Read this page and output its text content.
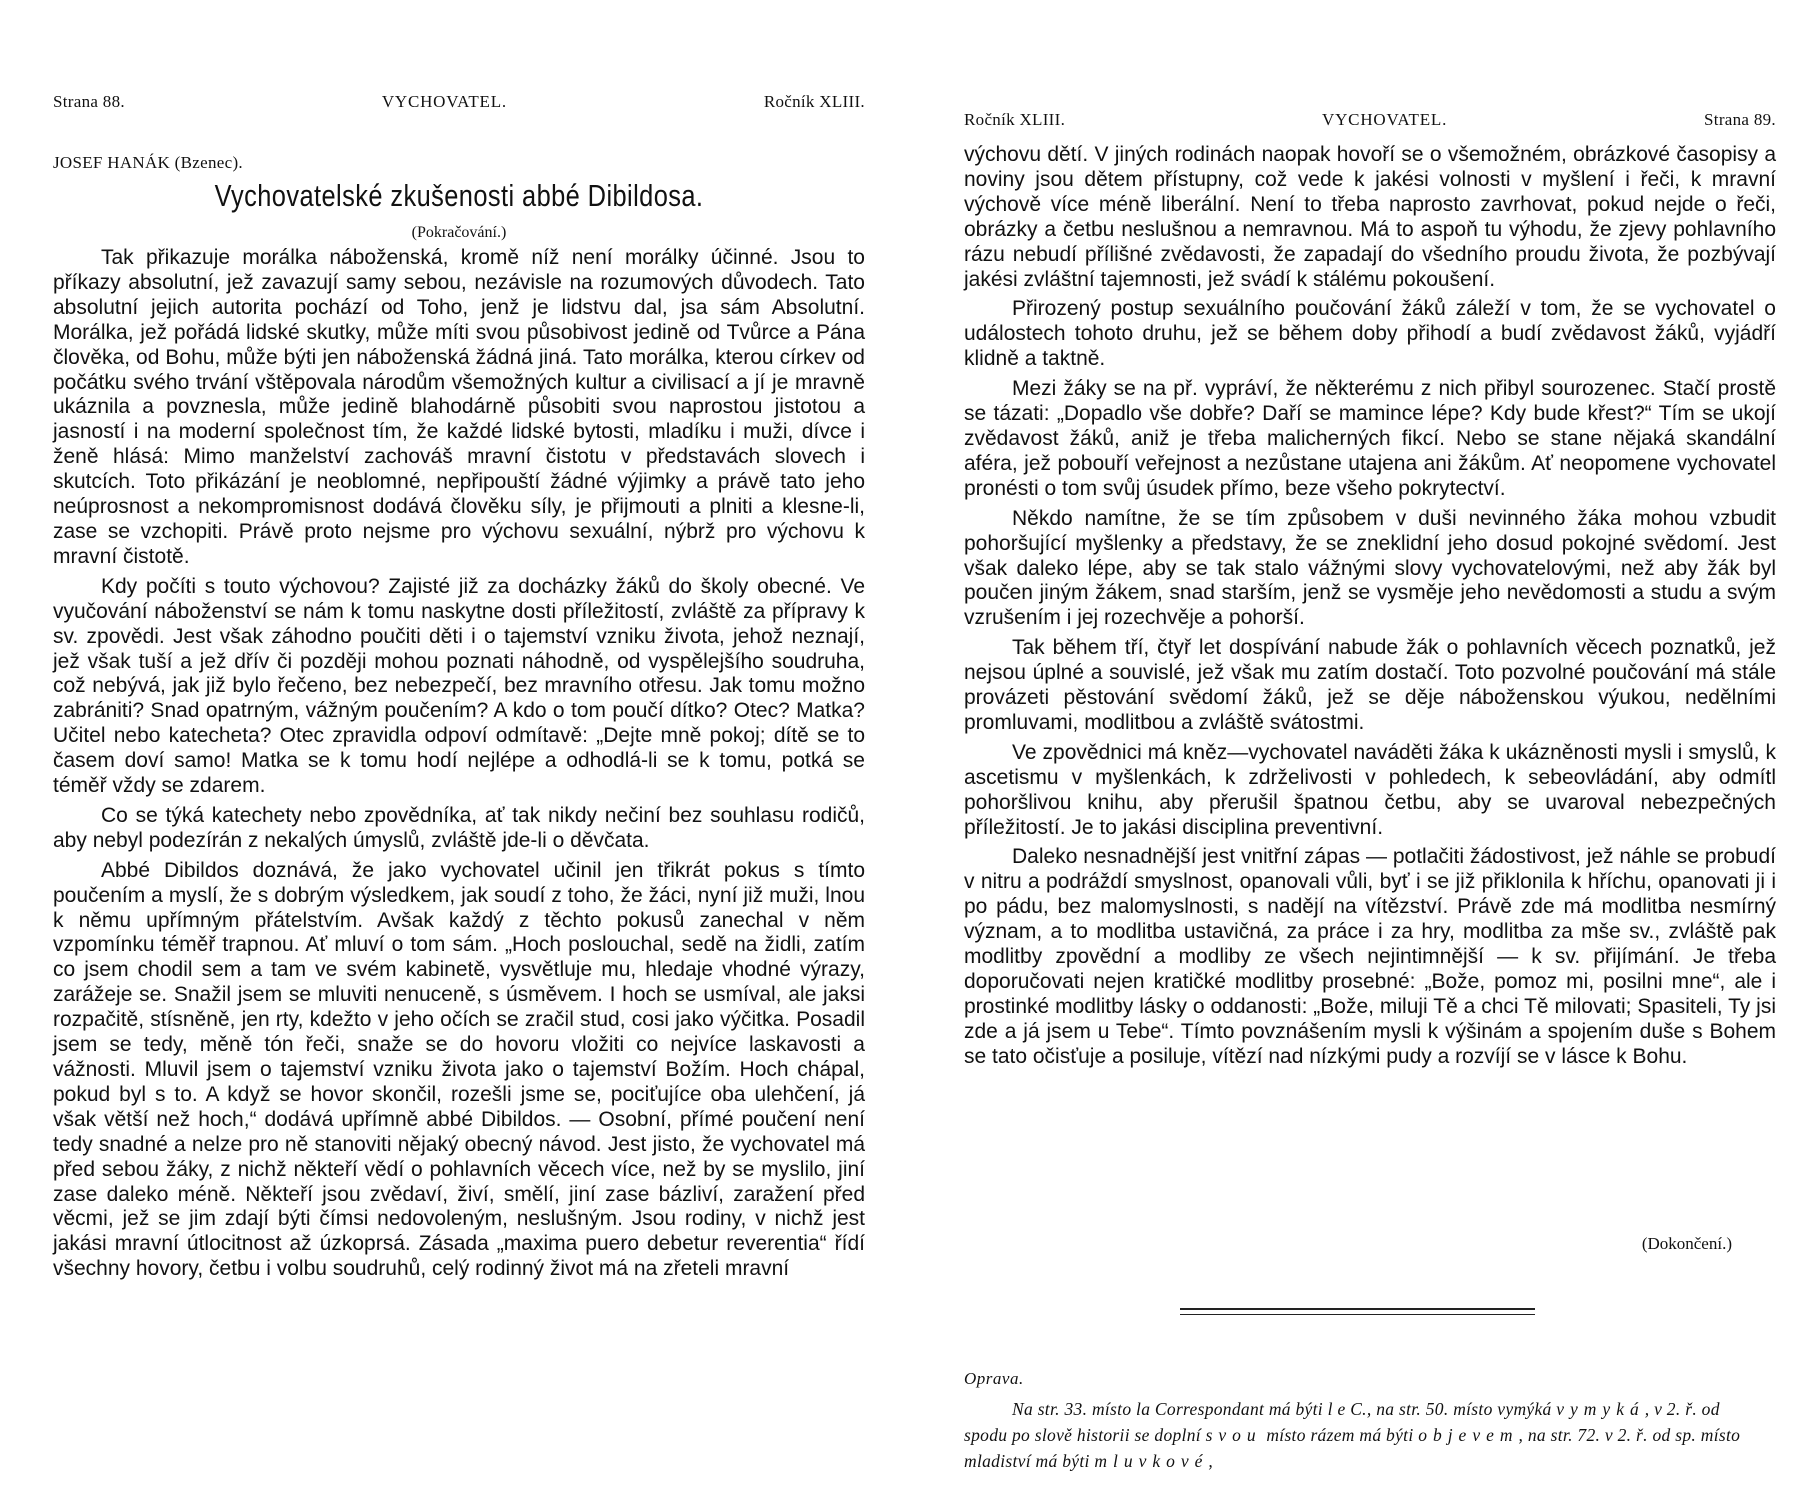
Strana 88.	VYCHOVATEL.	Ročník XLIII.
JOSEF HANÁK (Bzenec).
Vychovatelské zkušenosti abbé Dibildosa.
(Pokračování.)

Tak přikazuje morálka náboženská, kromě níž není morálky účinné. Jsou to příkazy absolutní, jež zavazují samy sebou, nezávisle na rozumových důvodech. Tato absolutní jejich autorita pochází od Toho, jenž je lidstvu dal, jsa sám Absolutní. Morálka, jež pořádá lidské skutky, může míti svou působivost jedině od Tvůrce a Pána člověka, od Bohu, může býti jen náboženská žádná jiná. Tato morálka, kterou církev od počátku svého trvání vštěpovala národům všemožných kultur a civilisací a jí je mravně ukáznila a povznesla, může jedině blahodárně působiti svou naprostou jistotou a jasností i na moderní společnost tím, že každé lidské bytosti, mladíku i muži, dívce i ženě hlásá: Mimo manželství zachováš mravní čistotu v představách slovech i skutcích. Toto přikázání je neoblomné, nepřipouští žádné výjimky a právě tato jeho neúprosnost a nekompromisnost dodává člověku síly, je přijmouti a plniti a klesne-li, zase se vzchopiti. Právě proto nejsme pro výchovu sexuální, nýbrž pro výchovu k mravní čistotě.

Kdy počíti s touto výchovou? Zajisté již za docházky žáků do školy obecné. Ve vyučování náboženství se nám k tomu naskytne dosti příležitostí, zvláště za přípravy k sv. zpovědi. Jest však záhodno poučiti děti i o tajemství vzniku života, jehož neznají, jež však tuší a jež dřív či později mohou poznati náhodně, od vyspělejšího soudruha, což nebývá, jak již bylo řečeno, bez nebezpečí, bez mravního otřesu. Jak tomu možno zabrániti? Snad opatrným, vážným poučením? A kdo o tom poučí dítko? Otec? Matka? Učitel nebo katecheta? Otec zpravidla odpoví odmítavě: „Dejte mně pokoj; dítě se to časem doví samo! Matka se k tomu hodí nejlépe a odhodlá-li se k tomu, potká se téměř vždy se zdarem.

Co se týká katechety nebo zpovědníka, ať tak nikdy nečiní bez souhlasu rodičů, aby nebyl podezírán z nekalých úmyslů, zvláště jde-li o děvčata.

Abbé Dibildos doznává, že jako vychovatel učinil jen třikrát pokus s tímto poučením a myslí, že s dobrým výsledkem, jak soudí z toho, že žáci, nyní již muži, lnou k němu upřímným přátelstvím. Avšak každý z těchto pokusů zanechal v něm vzpomínku téměř trapnou. Ať mluví o tom sám. „Hoch poslouchal, sedě na židli, zatím co jsem chodil sem a tam ve svém kabinetě, vysvětluje mu, hledaje vhodné výrazy, zarážeje se. Snažil jsem se mluviti nenuceně, s úsměvem. I hoch se usmíval, ale jaksi rozpačitě, stísněně, jen rty, kdežto v jeho očích se zračil stud, cosi jako výčitka. Posadil jsem se tedy, měně tón řeči, snaže se do hovoru vložiti co nejvíce laskavosti a vážnosti. Mluvil jsem o tajemství vzniku života jako o tajemství Božím. Hoch chápal, pokud byl s to. A když se hovor skončil, rozešli jsme se, pociťujíce oba ulehčení, já však větší než hoch,“ dodává upřímně abbé Dibildos. — Osobní, přímé poučení není tedy snadné a nelze pro ně stanoviti nějaký obecný návod. Jest jisto, že vychovatel má před sebou žáky, z nichž někteří vědí o pohlavních věcech více, než by se myslilo, jiní zase daleko méně. Někteří jsou zvědaví, živí, smělí, jiní zase bázliví, zaražení před věcmi, jež se jim zdají býti čímsi nedovoleným, neslušným. Jsou rodiny, v nichž jest jakási mravní útlocitnost až úzkoprsá. Zásada „maxima puero debetur reverentia“ řídí všechny hovory, četbu i volbu soudruhů, celý rodinný život má na zřeteli mravní

Ročník XLIII.	VYCHOVATEL.	Strana 89.

výchovu dětí. V jiných rodinách naopak hovoří se o všemožném, obrázkové časopisy a noviny jsou dětem přístupny, což vede k jakési volnosti v myšlení i řeči, k mravní výchově více méně liberální. Není to třeba naprosto zavrhovat, pokud nejde o řeči, obrázky a četbu neslušnou a nemravnou. Má to aspoň tu výhodu, že zjevy pohlavního rázu nebudí přílišné zvědavosti, že zapadají do všedního proudu života, že pozbývají jakési zvláštní tajemnosti, jež svádí k stálému pokoušení.

Přirozený postup sexuálního poučování žáků záleží v tom, že se vychovatel o událostech tohoto druhu, jež se během doby přihodí a budí zvědavost žáků, vyjádří klidně a taktně.

Mezi žáky se na př. vypráví, že některému z nich přibyl sourozenec. Stačí prostě se tázati: „Dopadlo vše dobře? Daří se mamince lépe? Kdy bude křest?“ Tím se ukojí zvědavost žáků, aniž je třeba malicherných fikcí. Nebo se stane nějaká skandální aféra, jež pobouří veřejnost a nezůstane utajena ani žákům. Ať neopomene vychovatel pronésti o tom svůj úsudek přímo, beze všeho pokrytectví.

Někdo namítne, že se tím způsobem v duši nevinného žáka mohou vzbudit pohoršující myšlenky a představy, že se zneklidní jeho dosud pokojné svědomí. Jest však daleko lépe, aby se tak stalo vážnými slovy vychovatelovými, než aby žák byl poučen jiným žákem, snad starším, jenž se vysměje jeho nevědomosti a studu a svým vzrušením i jej rozechvěje a pohorší.

Tak během tří, čtyř let dospívání nabude žák o pohlavních věcech poznatků, jež nejsou úplné a souvislé, jež však mu zatím dostačí. Toto pozvolné poučování má stále provázeti pěstování svědomí žáků, jež se děje náboženskou výukou, nedělními promluvami, modlitbou a zvláště svátostmi.

Ve zpovědnici má kněz—vychovatel naváděti žáka k ukázněnosti mysli i smyslů, k ascetismu v myšlenkách, k zdrželivosti v pohledech, k sebeovládání, aby odmítl pohoršlivou knihu, aby přerušil špatnou četbu, aby se uvaroval nebezpečných příležitostí. Je to jakási disciplina preventivní.

Daleko nesnadnější jest vnitřní zápas — potlačiti žádostivost, jež náhle se probudí v nitru a podráždí smyslnost, opanovali vůli, byť i se již přiklonila k hříchu, opanovati ji i po pádu, bez malomyslnosti, s nadějí na vítězství. Právě zde má modlitba nesmírný význam, a to modlitba ustavičná, za práce i za hry, modlitba za mše sv., zvláště pak modlitby zpovědní a modliby ze všech nejintimnější — k sv. přijímání. Je třeba doporučovati nejen kratičké modlitby prosebné: „Bože, pomoz mi, posilni mne“, ale i prostinké modlitby lásky o oddanosti: „Bože, miluji Tě a chci Tě milovati; Spasiteli, Ty jsi zde a já jsem u Tebe“. Tímto povznášením mysli k výšinám a spojením duše s Bohem se tato očisťuje a posiluje, vítězí nad nízkými pudy a rozvíjí se v lásce k Bohu.

(Dokončení.)
Oprava.
Na str. 33. místo la Correspondant má býti l e C., na str. 50. místo vymýká vymyká, v 2. ř. od spodu po slově historii se doplní svou místo rázem má býti objevem, na str. 72. v 2. ř. od sp. místo mladiství má býti mluvkové,
